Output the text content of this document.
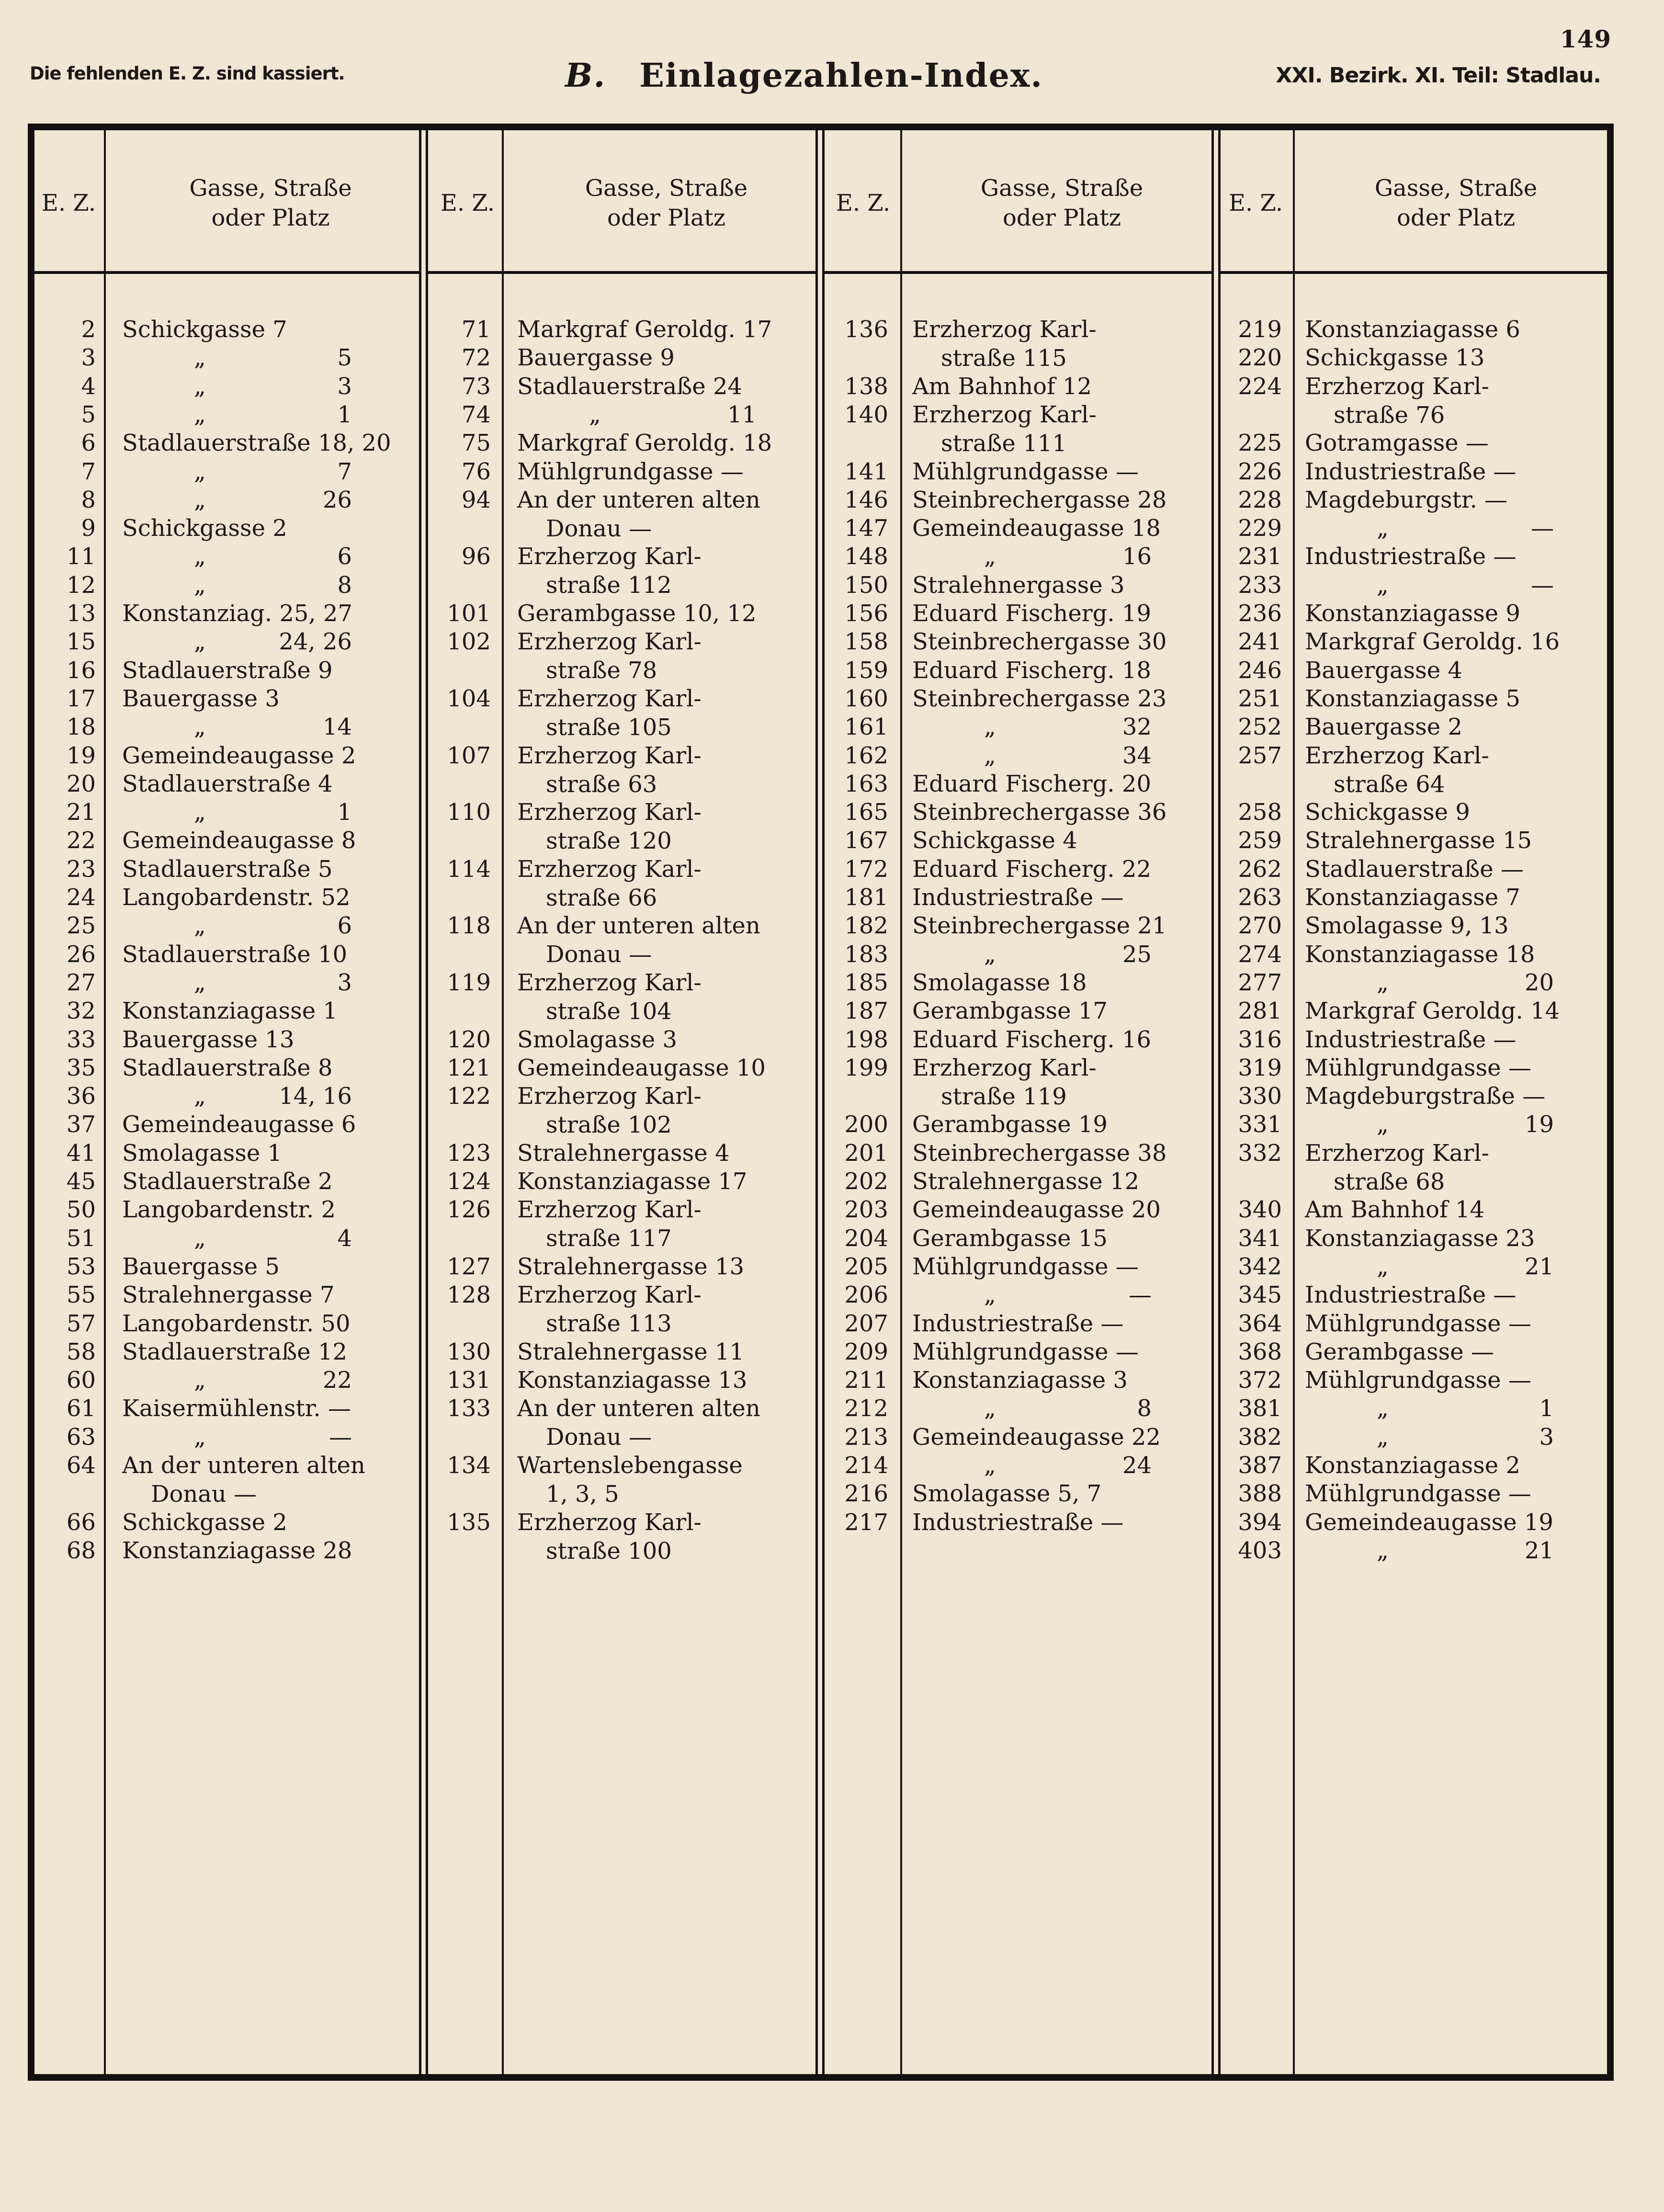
149
Die fehlenden E. Z. sind kassiert.	B. Einlagezahlen-Index.	XXI. Bezirk. XI. Teil: Stadlau.
E. Z.
Gasse, Straße
oder Platz
2 Schickgasse 7
3	„	5
4	„	3
5	„	1
6 Stadlauerstraße 18, 20
7	„	7
8	„	26
9 Schickgasse 2
11	„	6
12	„	8
13 Konstanziag. 25, 27
15	„	24, 26
16 Stadlauerstraße 9
17 Bauergasse 3
18	„	14
19 Gemeindeaugasse 2
20 Stadlauerstraße 4
21	„	1
22 Gemeindeaugasse 8
23 Stadlauerstraße 5
24 Langobardenstr. 52
25	„	6
26 Stadlauerstraße 10
27	„	3
32 Konstanziagasse 1
33 Bauergasse 13
35 Stadlauerstraße 8
36	„	14, 16
37 Gemeindeaugasse 6
41 Smolagasse 1
45 Stadlauerstraße 2
50 Langobardenstr. 2
51	„	4
53 Bauergasse 5
55 Stralehnergasse 7
57 Langobardenstr. 50
58 Stadlauerstraße 12
60	„	22
61 Kaisermühlenstr. —
63	„	—
64 An der unteren alten
Donau —
66 Schickgasse 2
68 Konstanziagasse 28
E. Z.
Gasse, Straße
oder Platz
71 Markgraf Geroldg. 17
72 Bauergasse 9
73 Stadlauerstraße 24
74	„	11
75 Markgraf Geroldg. 18
76 Mühlgrundgasse —
94 An der unteren alten
Donau —
96 Erzherzog Karl-
straße 112
101 Gerambgasse 10, 12
102 Erzherzog Karl-
straße 78
104 Erzherzog Karl-
straße 105
107 Erzherzog Karl-
straße 63
110 Erzherzog Karl-
straße 120
114 Erzherzog Karl-
straße 66
118 An der unteren alten
Donau —
119 Erzherzog Karl-
straße 104
120 Smolagasse 3
121 Gemeindeaugasse 10
122 Erzherzog Karl-
straße 102
123 Stralehnergasse 4
124 Konstanziagasse 17
126 Erzherzog Karl-
straße 117
127 Stralehnergasse 13
128 Erzherzog Karl-
straße 113
130 Stralehnergasse 11
131 Konstanziagasse 13
133 An der unteren alten
Donau —
134 Wartenslebengasse
1, 3, 5
135 Erzherzog Karl-
straße 100
E. Z.
Gasse, Straße
oder Platz
136 Erzherzog Karl-
straße 115
138 Am Bahnhof 12
140 Erzherzog Karl-
straße 111
141 Mühlgrundgasse —
146 Steinbrechergasse 28
147 Gemeindeaugasse 18
148	„	16
150 Stralehnergasse 3
156 Eduard Fischerg. 19
158 Steinbrechergasse 30
159 Eduard Fischerg. 18
160 Steinbrechergasse 23
161	„	32
162	„	34
163 Eduard Fischerg. 20
165 Steinbrechergasse 36
167 Schickgasse 4
172 Eduard Fischerg. 22
181 Industriestraße —
182 Steinbrechergasse 21
183	„	25
185 Smolagasse 18
187 Gerambgasse 17
198 Eduard Fischerg. 16
199 Erzherzog Karl-
straße 119
200 Gerambgasse 19
201 Steinbrechergasse 38
202 Stralehnergasse 12
203 Gemeindeaugasse 20
204 Gerambgasse 15
205 Mühlgrundgasse —
206	„	—
207 Industriestraße —
209 Mühlgrundgasse —
211 Konstanziagasse 3
212	„	8
213 Gemeindeaugasse 22
214	„	24
216 Smolagasse 5, 7
217 Industriestraße —
E. Z.
Gasse, Straße
oder Platz
219 Konstanziagasse 6
220 Schickgasse 13
224 Erzherzog Karl-
straße 76
225 Gotramgasse —
226 Industriestraße —
228 Magdeburgstr. —
229	„	—
231 Industriestraße —
233	„	—
236 Konstanziagasse 9
241 Markgraf Geroldg. 16
246 Bauergasse 4
251 Konstanziagasse 5
252 Bauergasse 2
257 Erzherzog Karl-
straße 64
258 Schickgasse 9
259 Stralehnergasse 15
262 Stadlauerstraße —
263 Konstanziagasse 7
270 Smolagasse 9, 13
274 Konstanziagasse 18
277	„	20
281 Markgraf Geroldg. 14
316 Industriestraße —
319 Mühlgrundgasse —
330 Magdeburgstraße —
331	„	19
332 Erzherzog Karl-
straße 68
340 Am Bahnhof 14
341 Konstanziagasse 23
342	„	21
345 Industriestraße —
364 Mühlgrundgasse —
368 Gerambgasse —
372 Mühlgrundgasse —
381	„	1
382	„	3
387 Konstanziagasse 2
388 Mühlgrundgasse —
394 Gemeindeaugasse 19
403	„	21
